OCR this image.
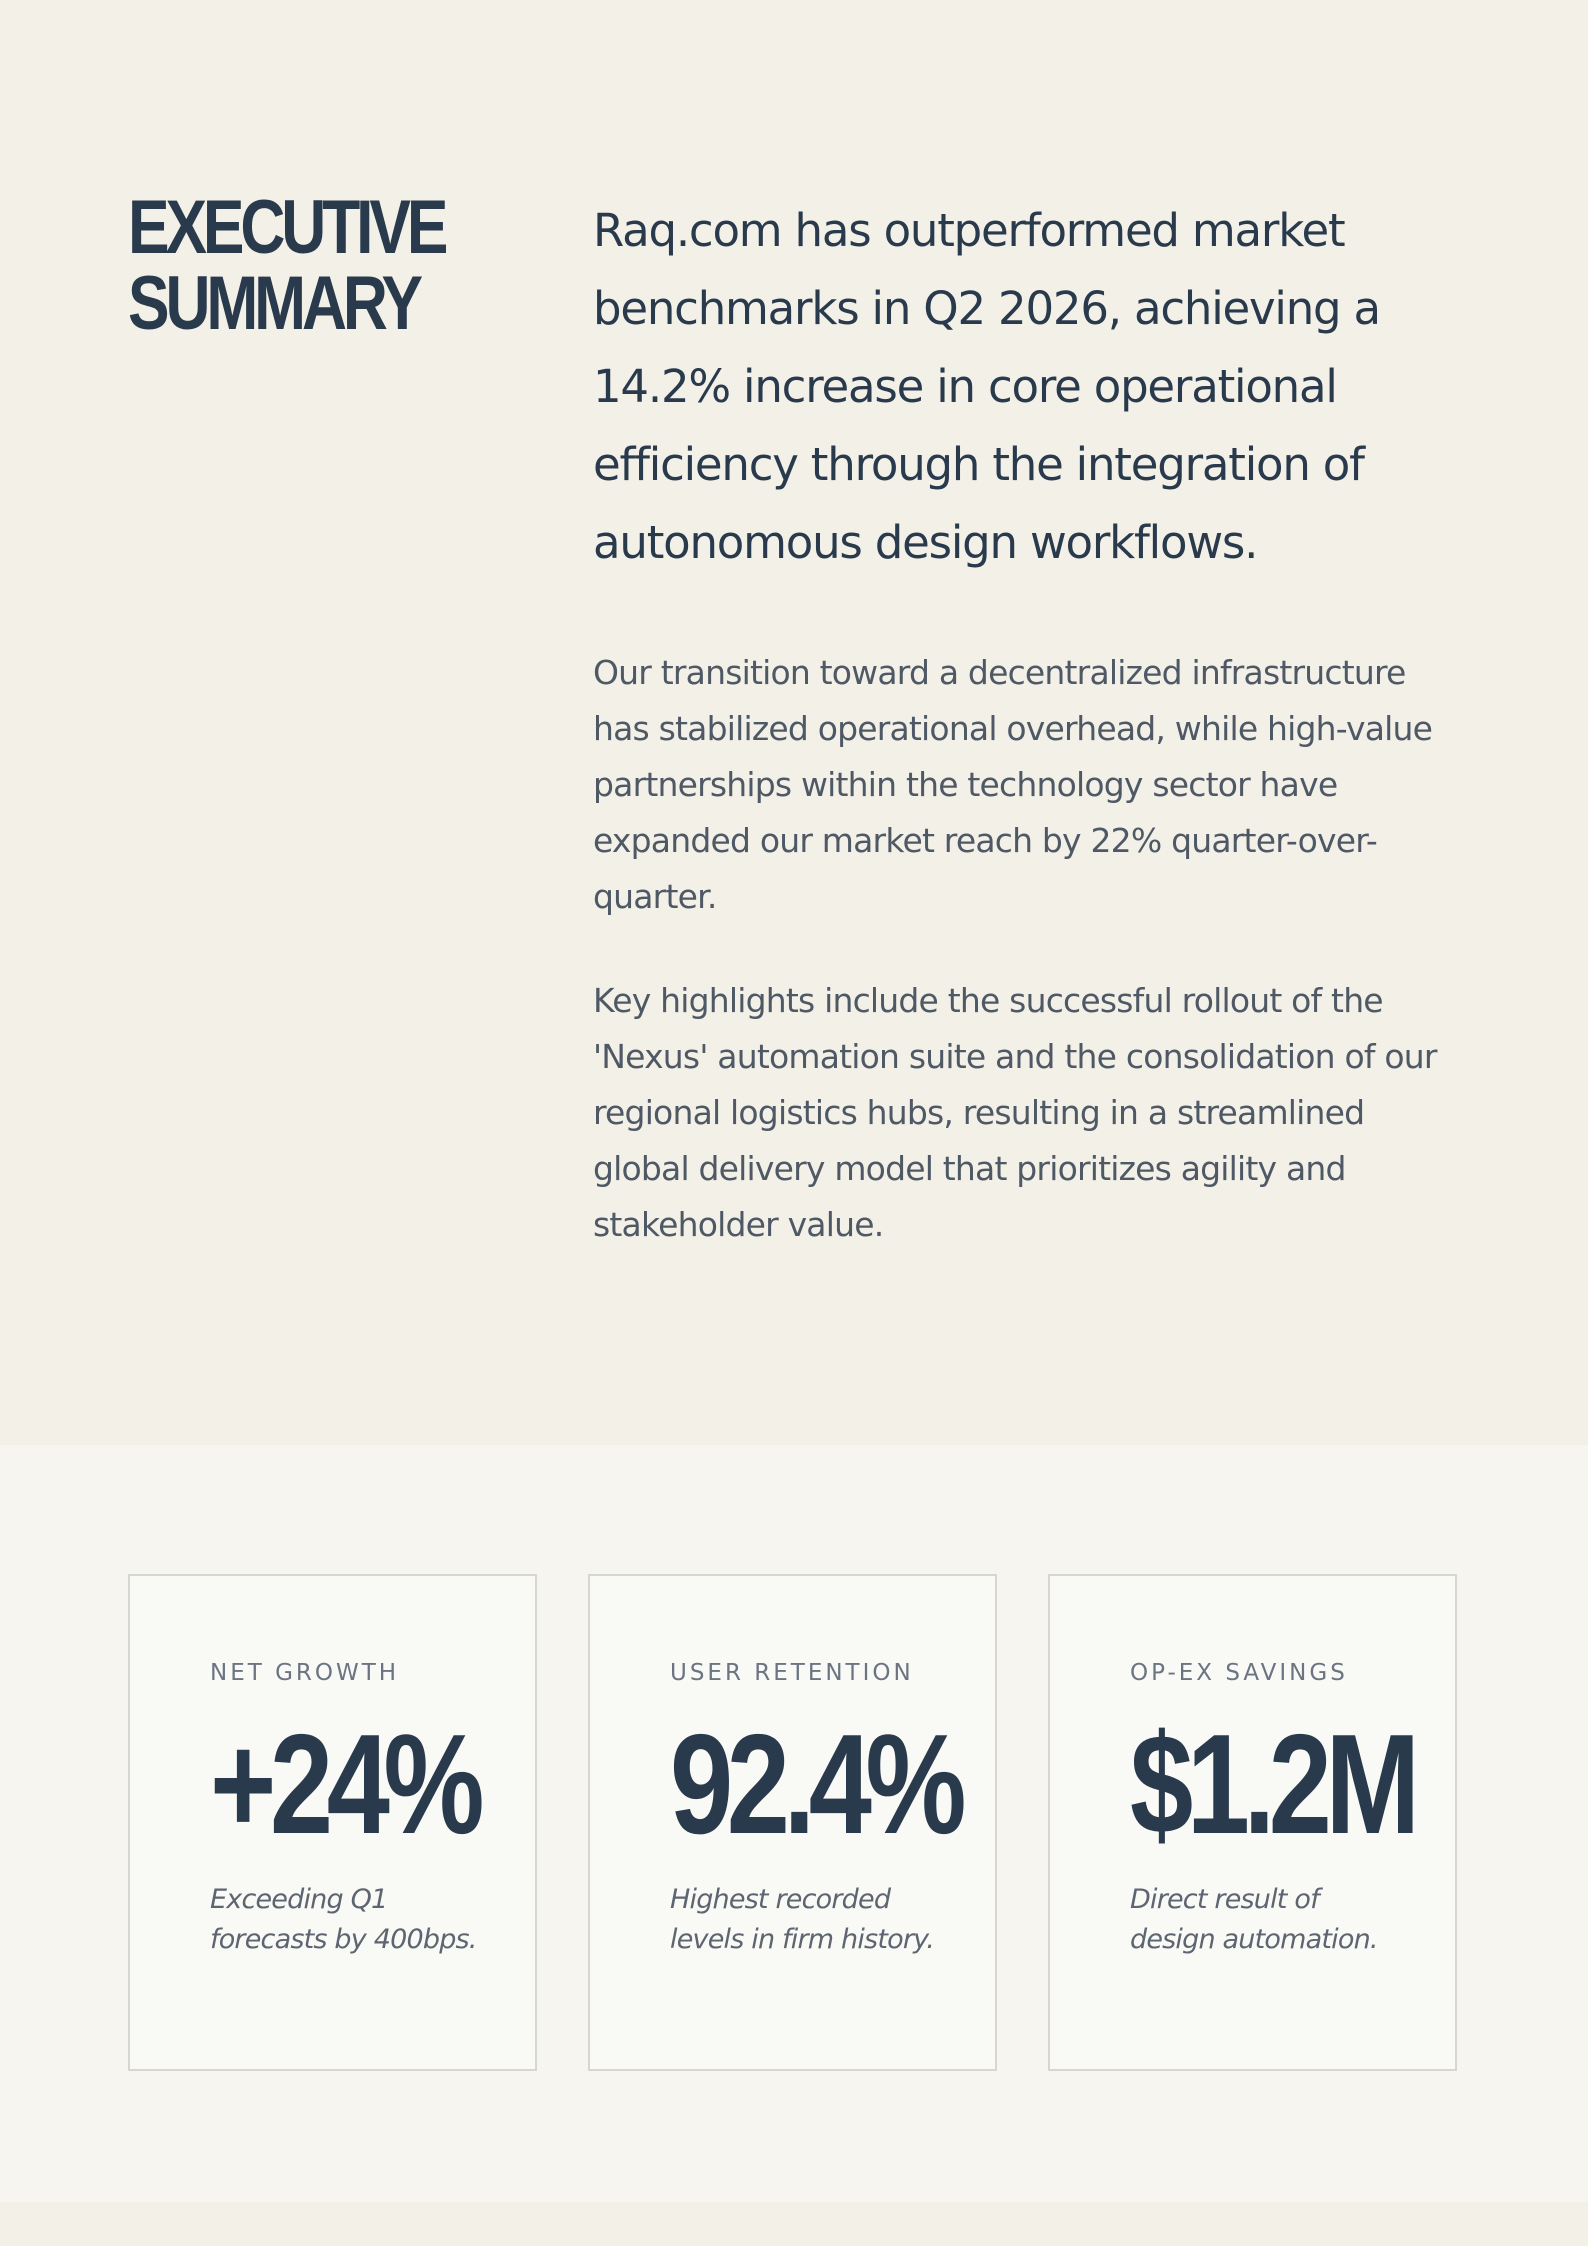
EXECUTIVE
SUMMARY

Raq.com has outperformed market benchmarks in Q2 2026, achieving a 14.2% increase in core operational efficiency through the integration of autonomous design workflows.

Our transition toward a decentralized infrastructure has stabilized operational overhead, while high-value partnerships within the technology sector have expanded our market reach by 22% quarter-over-quarter.

Key highlights include the successful rollout of the 'Nexus' automation suite and the consolidation of our regional logistics hubs, resulting in a streamlined global delivery model that prioritizes agility and stakeholder value.

NET GROWTH
+24%
Exceeding Q1 forecasts by 400bps.
USER RETENTION
92.4%
Highest recorded levels in firm history.
OP-EX SAVINGS
$1.2M
Direct result of design automation.
